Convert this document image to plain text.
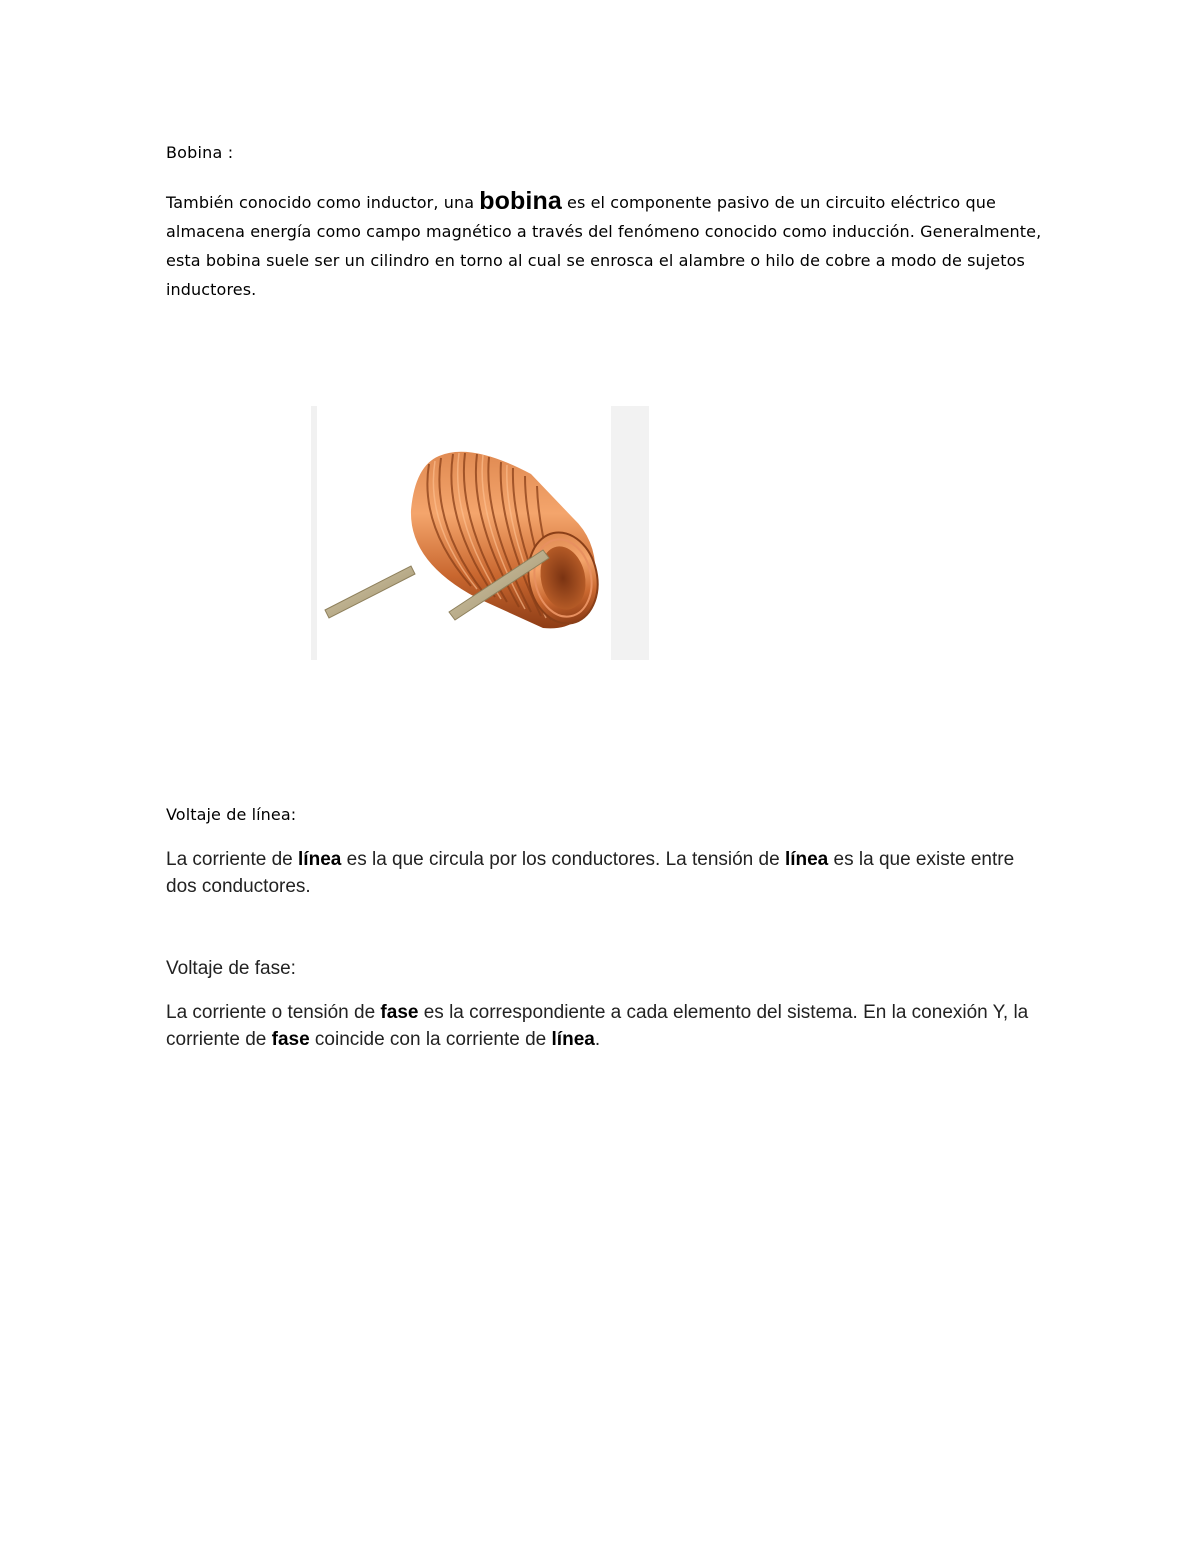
Bobina :
También conocido como inductor, una bobina es el componente pasivo de un circuito eléctrico que almacena energía como campo magnético a través del fenómeno conocido como inducción. Generalmente, esta bobina suele ser un cilindro en torno al cual se enrosca el alambre o hilo de cobre a modo de sujetos inductores.
Voltaje de línea:
La corriente de línea es la que circula por los conductores. La tensión de línea es la que existe entre dos conductores.
Voltaje de fase:
La corriente o tensión de fase es la correspondiente a cada elemento del sistema. En la conexión Y, la corriente de fase coincide con la corriente de línea.
